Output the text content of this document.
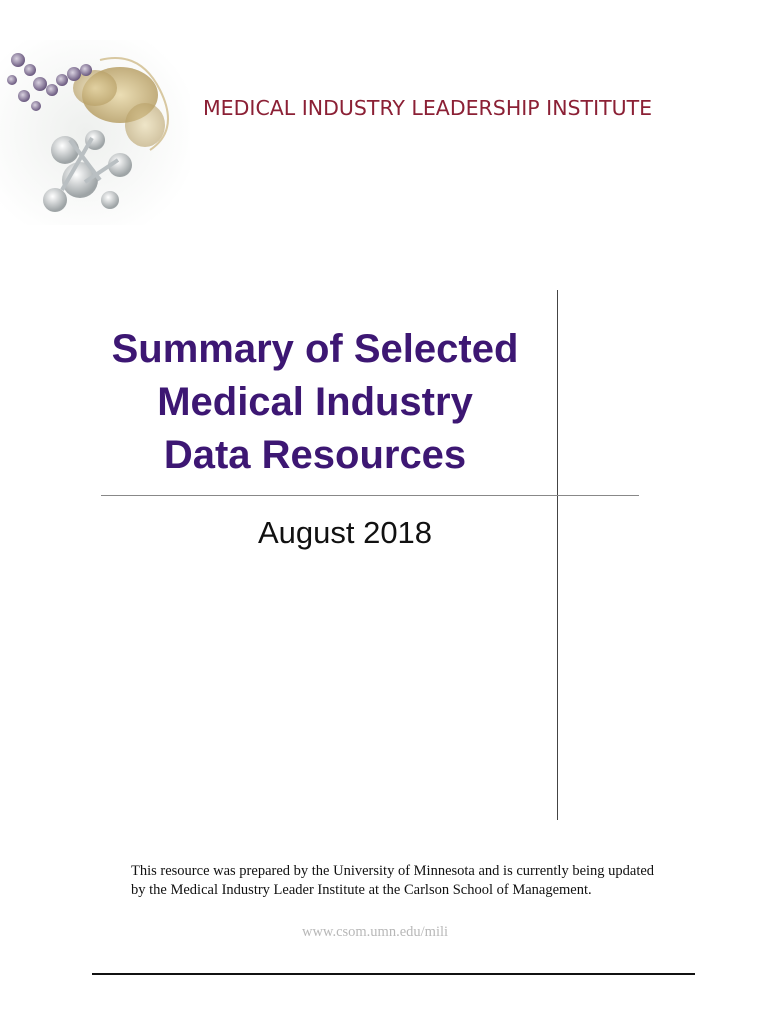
MEDICAL INDUSTRY LEADERSHIP INSTITUTE
Summary of Selected
Medical Industry
Data Resources
August 2018
This resource was prepared by the University of Minnesota and is currently being updated
by the Medical Industry Leader Institute at the Carlson School of Management.
www.csom.umn.edu/mili
